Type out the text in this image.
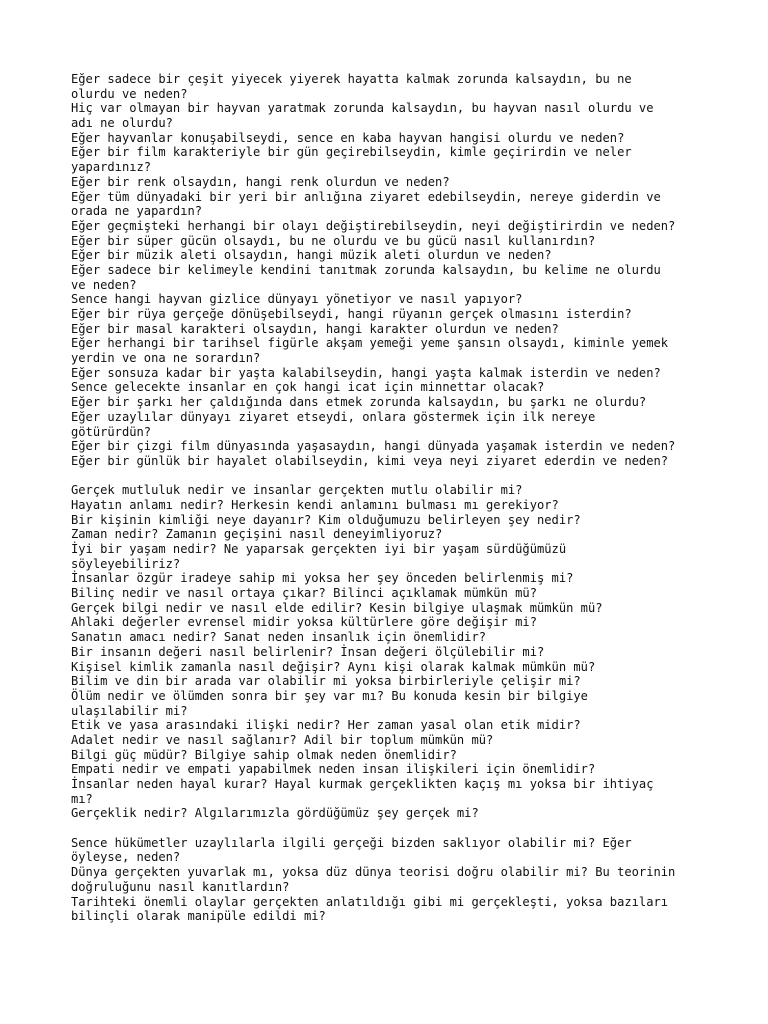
Eğer sadece bir çeşit yiyecek yiyerek hayatta kalmak zorunda kalsaydın, bu ne
olurdu ve neden?
Hiç var olmayan bir hayvan yaratmak zorunda kalsaydın, bu hayvan nasıl olurdu ve
adı ne olurdu?
Eğer hayvanlar konuşabilseydi, sence en kaba hayvan hangisi olurdu ve neden?
Eğer bir film karakteriyle bir gün geçirebilseydin, kimle geçirirdin ve neler
yapardınız?
Eğer bir renk olsaydın, hangi renk olurdun ve neden?
Eğer tüm dünyadaki bir yeri bir anlığına ziyaret edebilseydin, nereye giderdin ve
orada ne yapardın?
Eğer geçmişteki herhangi bir olayı değiştirebilseydin, neyi değiştirirdin ve neden?
Eğer bir süper gücün olsaydı, bu ne olurdu ve bu gücü nasıl kullanırdın?
Eğer bir müzik aleti olsaydın, hangi müzik aleti olurdun ve neden?
Eğer sadece bir kelimeyle kendini tanıtmak zorunda kalsaydın, bu kelime ne olurdu
ve neden?
Sence hangi hayvan gizlice dünyayı yönetiyor ve nasıl yapıyor?
Eğer bir rüya gerçeğe dönüşebilseydi, hangi rüyanın gerçek olmasını isterdin?
Eğer bir masal karakteri olsaydın, hangi karakter olurdun ve neden?
Eğer herhangi bir tarihsel figürle akşam yemeği yeme şansın olsaydı, kiminle yemek
yerdin ve ona ne sorardın?
Eğer sonsuza kadar bir yaşta kalabilseydin, hangi yaşta kalmak isterdin ve neden?
Sence gelecekte insanlar en çok hangi icat için minnettar olacak?
Eğer bir şarkı her çaldığında dans etmek zorunda kalsaydın, bu şarkı ne olurdu?
Eğer uzaylılar dünyayı ziyaret etseydi, onlara göstermek için ilk nereye
götürürdün?
Eğer bir çizgi film dünyasında yaşasaydın, hangi dünyada yaşamak isterdin ve neden?
Eğer bir günlük bir hayalet olabilseydin, kimi veya neyi ziyaret ederdin ve neden?
Gerçek mutluluk nedir ve insanlar gerçekten mutlu olabilir mi?
Hayatın anlamı nedir? Herkesin kendi anlamını bulması mı gerekiyor?
Bir kişinin kimliği neye dayanır? Kim olduğumuzu belirleyen şey nedir?
Zaman nedir? Zamanın geçişini nasıl deneyimliyoruz?
İyi bir yaşam nedir? Ne yaparsak gerçekten iyi bir yaşam sürdüğümüzü
söyleyebiliriz?
İnsanlar özgür iradeye sahip mi yoksa her şey önceden belirlenmiş mi?
Bilinç nedir ve nasıl ortaya çıkar? Bilinci açıklamak mümkün mü?
Gerçek bilgi nedir ve nasıl elde edilir? Kesin bilgiye ulaşmak mümkün mü?
Ahlaki değerler evrensel midir yoksa kültürlere göre değişir mi?
Sanatın amacı nedir? Sanat neden insanlık için önemlidir?
Bir insanın değeri nasıl belirlenir? İnsan değeri ölçülebilir mi?
Kişisel kimlik zamanla nasıl değişir? Aynı kişi olarak kalmak mümkün mü?
Bilim ve din bir arada var olabilir mi yoksa birbirleriyle çelişir mi?
Ölüm nedir ve ölümden sonra bir şey var mı? Bu konuda kesin bir bilgiye
ulaşılabilir mi?
Etik ve yasa arasındaki ilişki nedir? Her zaman yasal olan etik midir?
Adalet nedir ve nasıl sağlanır? Adil bir toplum mümkün mü?
Bilgi güç müdür? Bilgiye sahip olmak neden önemlidir?
Empati nedir ve empati yapabilmek neden insan ilişkileri için önemlidir?
İnsanlar neden hayal kurar? Hayal kurmak gerçeklikten kaçış mı yoksa bir ihtiyaç
mı?
Gerçeklik nedir? Algılarımızla gördüğümüz şey gerçek mi?
Sence hükümetler uzaylılarla ilgili gerçeği bizden saklıyor olabilir mi? Eğer
öyleyse, neden?
Dünya gerçekten yuvarlak mı, yoksa düz dünya teorisi doğru olabilir mi? Bu teorinin
doğruluğunu nasıl kanıtlardın?
Tarihteki önemli olaylar gerçekten anlatıldığı gibi mi gerçekleşti, yoksa bazıları
bilinçli olarak manipüle edildi mi?
